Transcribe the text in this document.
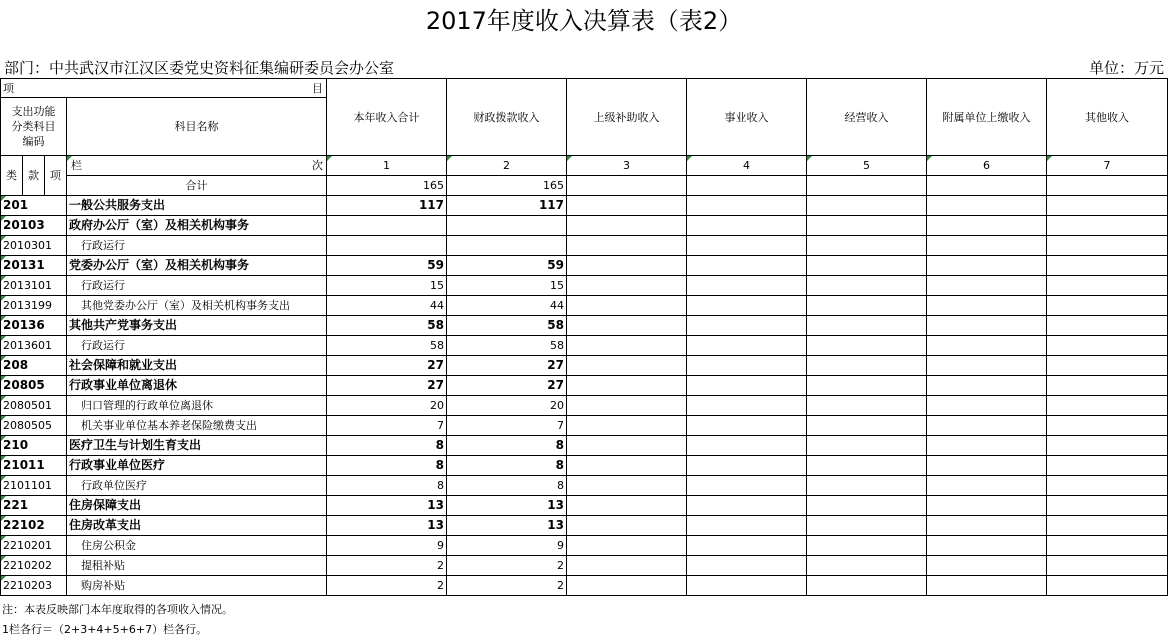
2017年度收入决算表（表2）
部门：中共武汉市江汉区委党史资料征集编研委员会办公室	单位：万元
项 目				本年收入合计	财政拨款收入	上级补助收入	事业收入	经营收入	附属单位上缴收入	其他收入
支出功能分类科目编码			科目名称							
类	款	项	栏 次	1	2	3	4	5	6	7
			合计	165	165					
201			一般公共服务支出	117	117					
20103			政府办公厅（室）及相关机构事务							
2010301			行政运行							
20131			党委办公厅（室）及相关机构事务	59	59					
2013101			行政运行	15	15					
2013199			其他党委办公厅（室）及相关机构事务支出	44	44					
20136			其他共产党事务支出	58	58					
2013601			行政运行	58	58					
208			社会保障和就业支出	27	27					
20805			行政事业单位离退休	27	27					
2080501			归口管理的行政单位离退休	20	20					
2080505			机关事业单位基本养老保险缴费支出	7	7					
210			医疗卫生与计划生育支出	8	8					
21011			行政事业单位医疗	8	8					
2101101			行政单位医疗	8	8					
221			住房保障支出	13	13					
22102			住房改革支出	13	13					
2210201			住房公积金	9	9					
2210202			提租补贴	2	2					
2210203			购房补贴	2	2					
注：本表反映部门本年度取得的各项收入情况。
1栏各行＝（2+3+4+5+6+7）栏各行。
